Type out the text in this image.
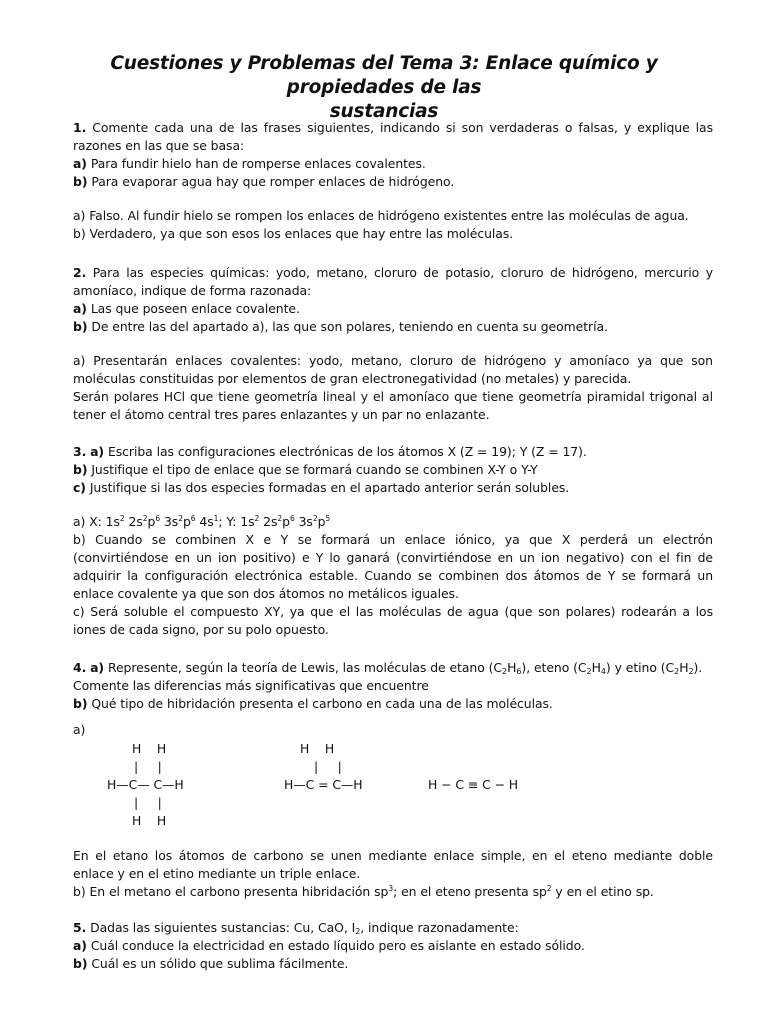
Cuestiones y Problemas del Tema 3: Enlace químico y propiedades de las
sustancias

1. Comente cada una de las frases siguientes, indicando si son verdaderas o falsas, y explique las razones en las que se basa:

a) Para fundir hielo han de romperse enlaces covalentes.

b) Para evaporar agua hay que romper enlaces de hidrógeno.

a) Falso. Al fundir hielo se rompen los enlaces de hidrógeno existentes entre las moléculas de agua.

b) Verdadero, ya que son esos los enlaces que hay entre las moléculas.

2. Para las especies químicas: yodo, metano, cloruro de potasio, cloruro de hidrógeno, mercurio y amoníaco, indique de forma razonada:

a) Las que poseen enlace covalente.

b) De entre las del apartado a), las que son polares, teniendo en cuenta su geometría.

a) Presentarán enlaces covalentes: yodo, metano, cloruro de hidrógeno y amoníaco ya que son moléculas constituidas por elementos de gran electronegatividad (no metales) y parecida.

Serán polares HCl que tiene geometría lineal y el amoníaco que tiene geometría piramidal trigonal al tener el átomo central tres pares enlazantes y un par no enlazante.

3. a) Escriba las configuraciones electrónicas de los átomos X (Z = 19); Y (Z = 17).

b) Justifique el tipo de enlace que se formará cuando se combinen X-Y o Y-Y

c) Justifique si las dos especies formadas en el apartado anterior serán solubles.

a) X: $1s^2$ $2s^2p^6$ $3s^2p^6$ $4s^1$; Y: $1s^2$ $2s^2p^6$ $3s^2p^5$

b) Cuando se combinen X e Y se formará un enlace iónico, ya que X perderá un electrón (convirtiéndose en un ion positivo) e Y lo ganará (convirtiéndose en un ion negativo) con el fin de adquirir la configuración electrónica estable. Cuando se combinen dos átomos de Y se formará un enlace covalente ya que son dos átomos no metálicos iguales.

c) Será soluble el compuesto XY, ya que el las moléculas de agua (que son polares) rodearán a los iones de cada signo, por su polo opuesto.

4. a) Represente, según la teoría de Lewis, las moléculas de etano $(C_2H_6)$, eteno $(C_2H_4)$ y etino $(C_2H_2)$.

Comente las diferencias más significativas que encuentre

b) Qué tipo de hibridación presenta el carbono en cada una de las moléculas.

a)

H    H
|     |
H—C— C—H
|     |
H    H
H    H
|     |
H—C = C—H	H − C ≡ C − H

En el etano los átomos de carbono se unen mediante enlace simple, en el eteno mediante doble enlace y en el etino mediante un triple enlace.

b) En el metano el carbono presenta hibridación $sp^3$; en el eteno presenta $sp^2$ y en el etino sp.

5. Dadas las siguientes sustancias: Cu, CaO, $I_2$, indique razonadamente:

a) Cuál conduce la electricidad en estado líquido pero es aislante en estado sólido.

b) Cuál es un sólido que sublima fácilmente.
